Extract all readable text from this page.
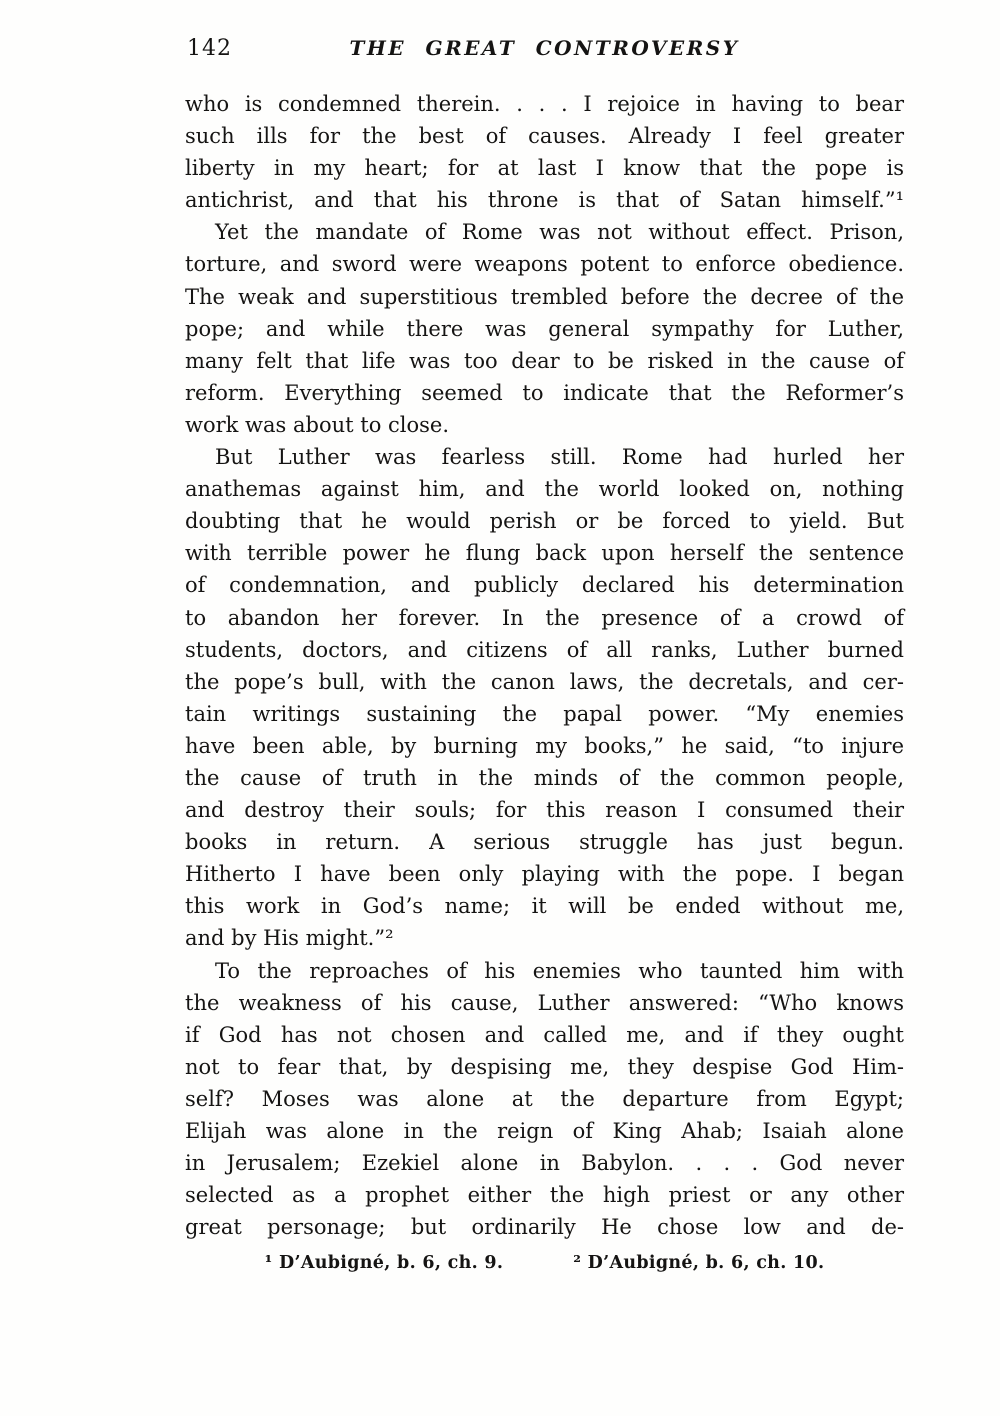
142	THE GREAT CONTROVERSY
who is condemned therein. . . . I rejoice in having to bear
such ills for the best of causes. Already I feel greater
liberty in my heart; for at last I know that the pope is
antichrist, and that his throne is that of Satan himself.”¹
Yet the mandate of Rome was not without effect. Prison,
torture, and sword were weapons potent to enforce obedience.
The weak and superstitious trembled before the decree of the
pope; and while there was general sympathy for Luther,
many felt that life was too dear to be risked in the cause of
reform. Everything seemed to indicate that the Reformer’s
work was about to close.
But Luther was fearless still. Rome had hurled her
anathemas against him, and the world looked on, nothing
doubting that he would perish or be forced to yield. But
with terrible power he flung back upon herself the sentence
of condemnation, and publicly declared his determination
to abandon her forever. In the presence of a crowd of
students, doctors, and citizens of all ranks, Luther burned
the pope’s bull, with the canon laws, the decretals, and cer-
tain writings sustaining the papal power. “My enemies
have been able, by burning my books,” he said, “to injure
the cause of truth in the minds of the common people,
and destroy their souls; for this reason I consumed their
books in return. A serious struggle has just begun.
Hitherto I have been only playing with the pope. I began
this work in God’s name; it will be ended without me,
and by His might.”²
To the reproaches of his enemies who taunted him with
the weakness of his cause, Luther answered: “Who knows
if God has not chosen and called me, and if they ought
not to fear that, by despising me, they despise God Him-
self? Moses was alone at the departure from Egypt;
Elijah was alone in the reign of King Ahab; Isaiah alone
in Jerusalem; Ezekiel alone in Babylon. . . . God never
selected as a prophet either the high priest or any other
great personage; but ordinarily He chose low and de-
¹ D’Aubigné, b. 6, ch. 9.	² D’Aubigné, b. 6, ch. 10.
